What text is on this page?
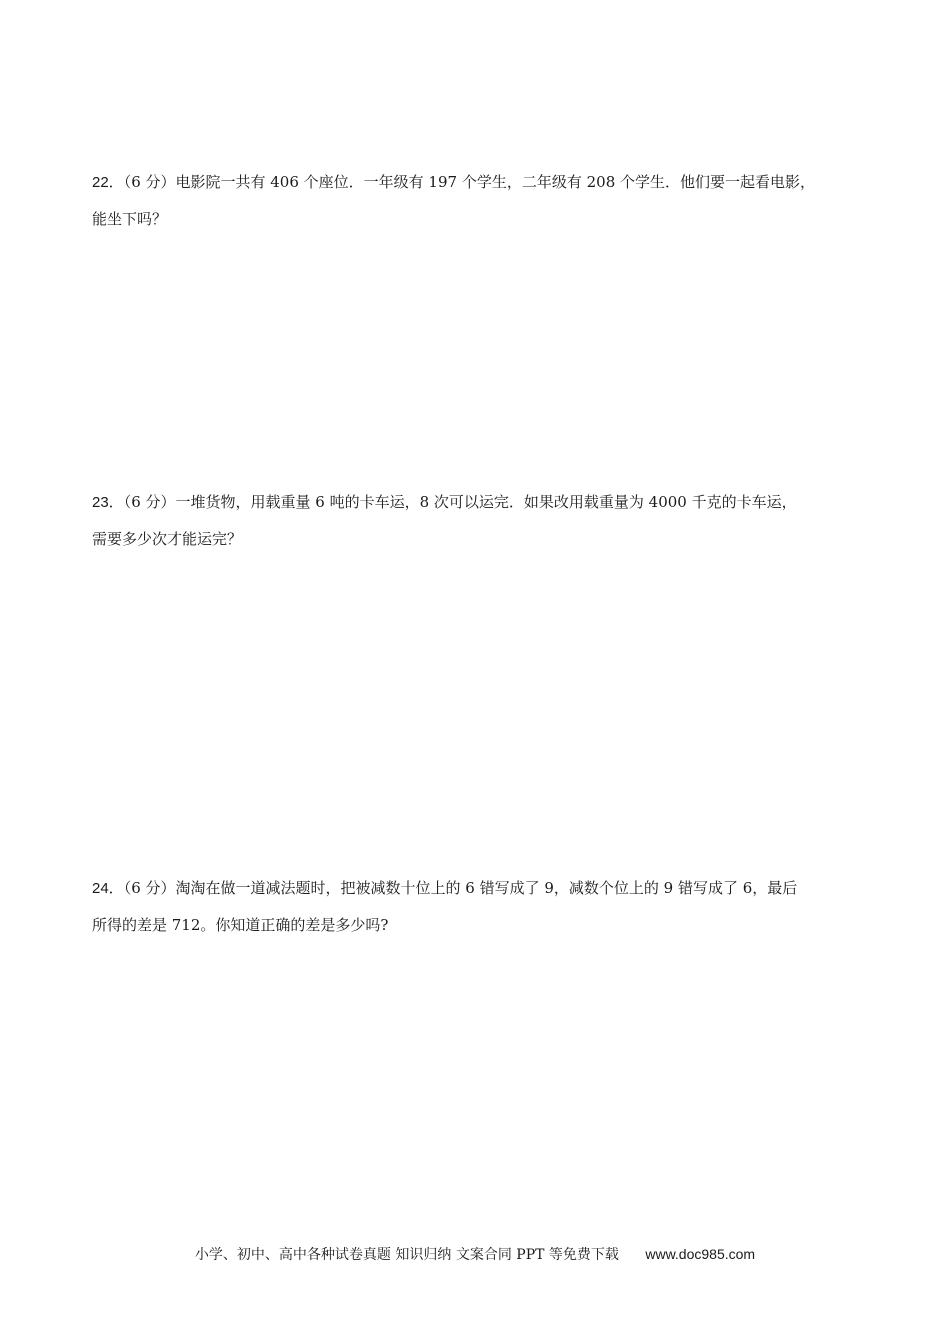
22．（6 分）电影院一共有 406 个座位．一年级有 197 个学生，二年级有 208 个学生．他们要一起看电影，
能坐下吗？
23．（6 分）一堆货物，用载重量 6 吨的卡车运，8 次可以运完．如果改用载重量为 4000 千克的卡车运，
需要多少次才能运完？
24．（6 分）淘淘在做一道减法题时，把被减数十位上的 6 错写成了 9，减数个位上的 9 错写成了 6，最后
所得的差是 712。你知道正确的差是多少吗?
小学、初中、高中各种试卷真题 知识归纳 文案合同 PPT 等免费下载 www.doc985.com
